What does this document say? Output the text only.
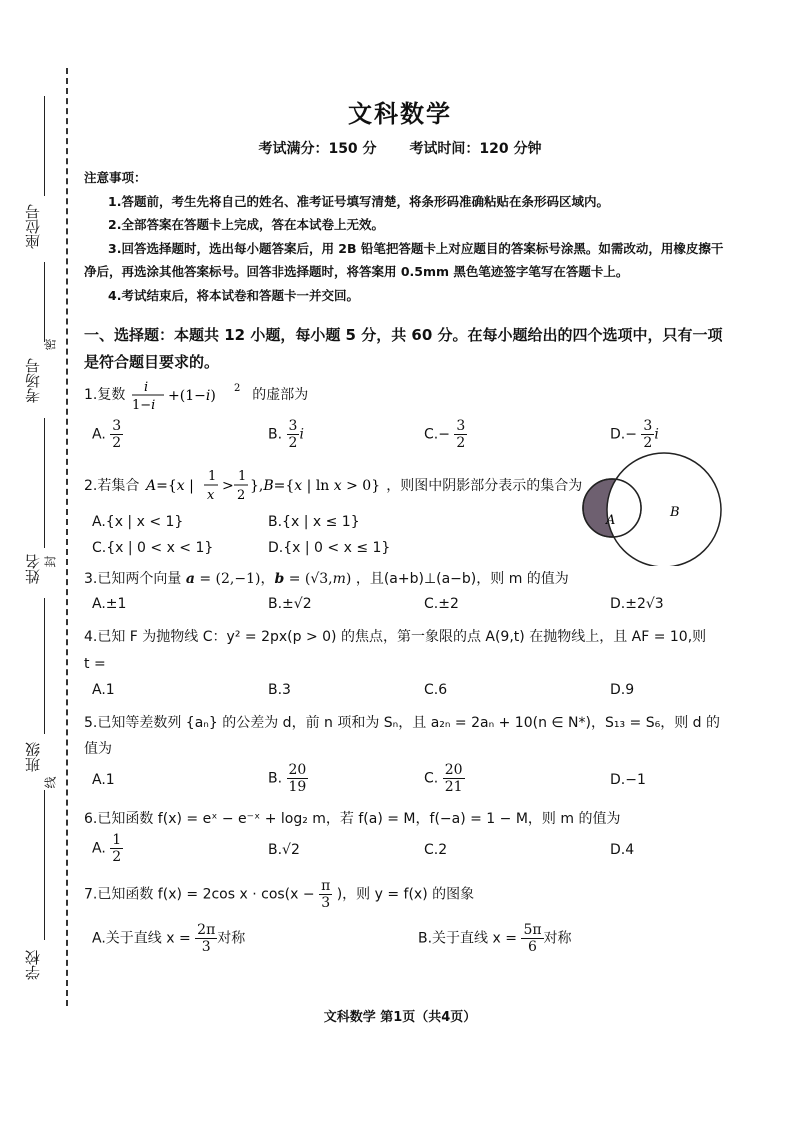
座位号
密
考场号
姓名 封
班级
线
学校
文科数学
考试满分：150 分 考试时间：120 分钟

注意事项：

1.答题前，考生先将自己的姓名、准考证号填写清楚，将条形码准确粘贴在条形码区域内。

2.全部答案在答题卡上完成，答在本试卷上无效。

3.回答选择题时，选出每小题答案后，用 2B 铅笔把答题卡上对应题目的答案标号涂黑。如需改动，用橡皮擦干净后，再选涂其他答案标号。回答非选择题时，将答案用 0.5mm 黑色笔迹签字笔写在答题卡上。

4.考试结束后，将本试卷和答题卡一并交回。

一、选择题：本题共 12 小题，每小题 5 分，共 60 分。在每小题给出的四个选项中，只有一项是符合题目要求的。
1.复数 i
1−i
+(1−i) 2 的虚部为
A. $\frac{3}{2}$	B. $\frac{3}{2}$ i	$C.- \frac{3}{2}$	$D.- \frac{3}{2}$ i
2.若集合 A={x |
1
x
>
1
2
},B={x | ln x > 0} ，则图中阴影部分表示的集合为
A.{x | x < 1}	B.{x | x ≤ 1}
C.{x | 0 < x < 1}	D.{x | 0 < x ≤ 1}
A
B
3.已知两个向量 a = (2,−1)，b = (√3,m) ，且(a+b)⊥(a−b)，则 m 的值为
A.±1	B.±√2	C.±2	D.±2√3
4.已知 F 为抛物线 C：y² = 2px(p > 0) 的焦点，第一象限的点 A(9,t) 在抛物线上，且 AF = 10,则
t =
A.1	B.3	C.6	D.9
5.已知等差数列 {aₙ} 的公差为 d，前 n 项和为 Sₙ，且 a₂ₙ = 2aₙ + 10(n ∈ N*)，S₁₃ = S₆，则 d 的
值为
A.1	B. $\frac{20}{19}$	C. $\frac{20}{21}$	D.−1
6.已知函数 f(x) = eˣ − e⁻ˣ + log₂ m，若 f(a) = M，f(−a) = 1 − M，则 m 的值为
A. $\frac{1}{2}$	B.√2	C.2	D.4
7.已知函数 f(x) = 2cos $x \cdot \cos(x - \frac{\pi}{3}$ )，则 y = f(x) 的图象
A.关于直线 $x = \frac{2\pi}{3}$ 对称	B.关于直线 $x = \frac{5\pi}{6}$ 对称
文科数学 第1页（共4页）
